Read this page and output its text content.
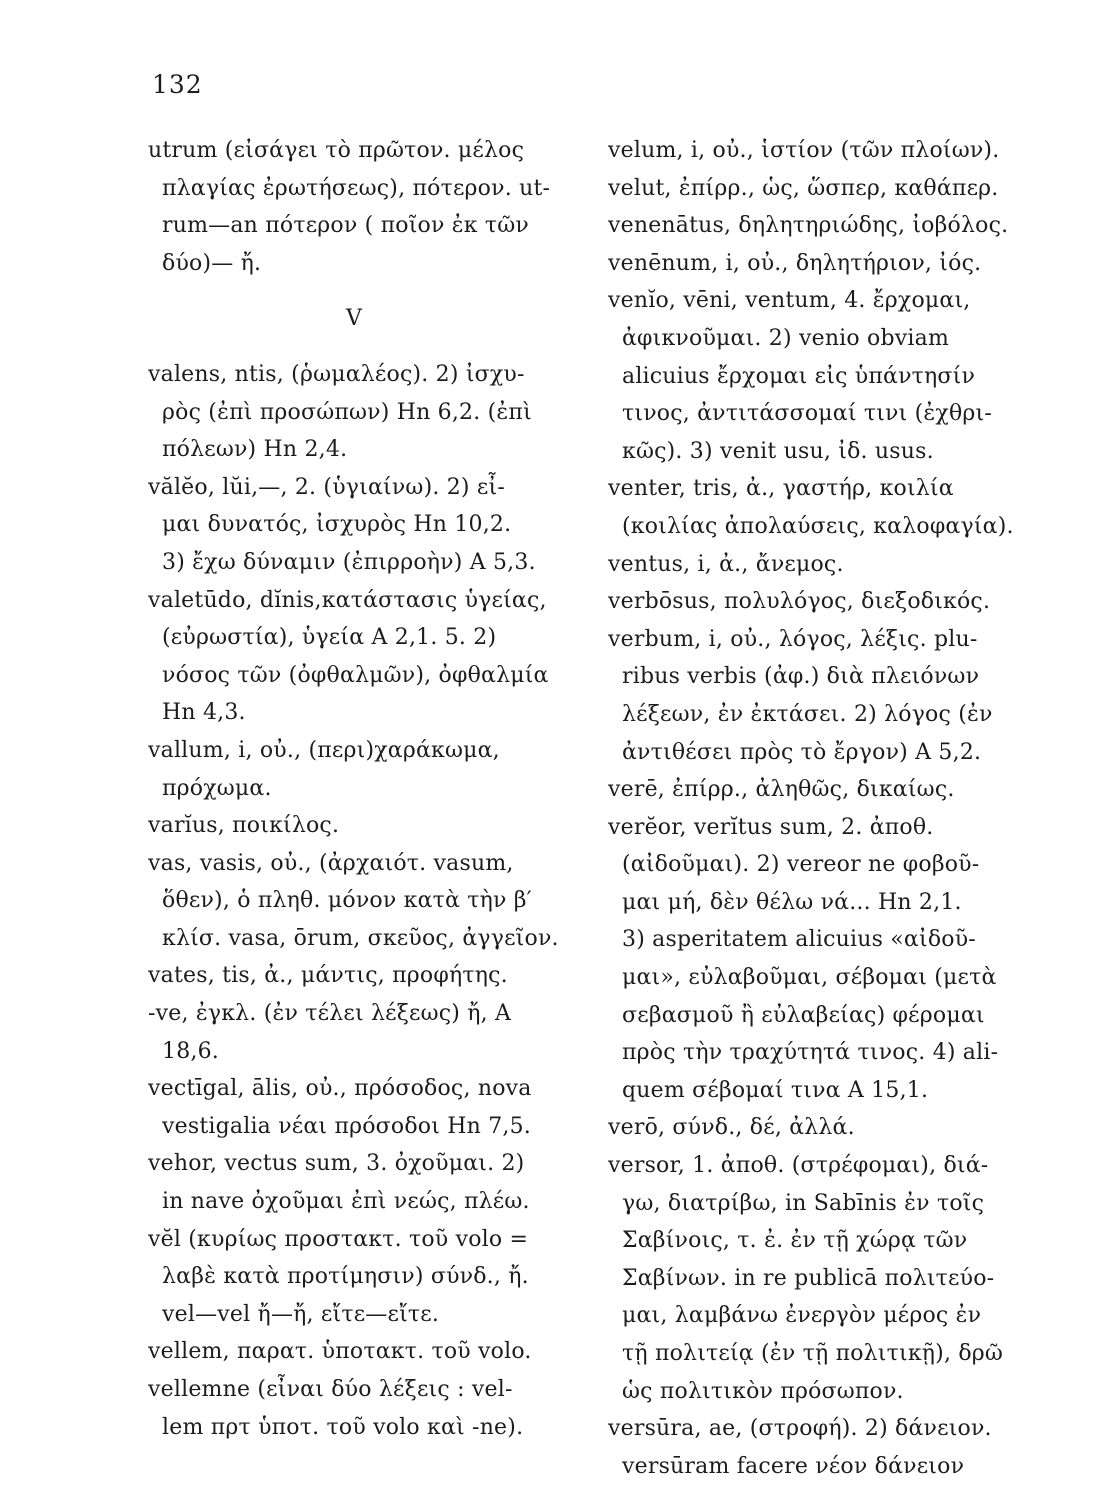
132
utrum (εἰσάγει τὸ πρῶτον. μέλος
πλαγίας ἐρωτήσεως), πότερον. ut-
rum—an πότερον ( ποῖον ἐκ τῶν
δύο)— ἤ.
V
valens, ntis, (ῥωμαλέος). 2) ἰσχυ-
ρὸς (ἐπὶ προσώπων) Ηn 6,2. (ἐπὶ
πόλεων) Ηn 2,4.
vălĕo, lŭi,—, 2. (ὑγιαίνω). 2) εἶ-
μαι δυνατός, ἰσχυρὸς Ηn 10,2.
3) ἔχω δύναμιν (ἐπιρροὴν) A 5,3.
valetūdo, dĭnis,κατάστασις ὑγείας,
(εὐρωστία), ὑγεία A 2,1. 5. 2)
νόσος τῶν (ὀφθαλμῶν), ὀφθαλμία
Ηn 4,3.
vallum, i, οὐ., (περι)χαράκωμα,
πρόχωμα.
varĭus, ποικίλος.
vas, vasis, οὐ., (ἀρχαιότ. vasum,
ὅθεν), ὁ πληθ. μόνον κατὰ τὴν β′
κλίσ. vasa, ōrum, σκεῦος, ἀγγεῖον.
vates, tis, ἀ., μάντις, προφήτης.
-ve, ἐγκλ. (ἐν τέλει λέξεως) ἤ, A
18,6.
vectīgal, ālis, οὐ., πρόσοδος, nova
vestigalia νέαι πρόσοδοι Ηn 7,5.
vehor, vectus sum, 3. ὀχοῦμαι. 2)
in nave ὀχοῦμαι ἐπὶ νεώς, πλέω.
vĕl (κυρίως προστακτ. τοῦ volo =
λαβὲ κατὰ προτίμησιν) σύνδ., ἤ.
vel—vel ἤ—ἤ, εἴτε—εἴτε.
vellem, παρατ. ὑποτακτ. τοῦ volo.
vellemne (εἶναι δύο λέξεις : vel-
lem πρτ ὑποτ. τοῦ volo καὶ -ne).
velum, i, οὐ., ἱστίον (τῶν πλοίων).
velut, ἐπίρρ., ὡς, ὥσπερ, καθάπερ.
venenātus, δηλητηριώδης, ἰοβόλος.
venēnum, i, οὐ., δηλητήριον, ἰός.
venĭo, vēni, ventum, 4. ἔρχομαι,
ἀφικνοῦμαι. 2) venio obviam
alicuius ἔρχομαι εἰς ὑπάντησίν
τινος, ἀντιτάσσομαί τινι (ἐχθρι-
κῶς). 3) venit usu, ἰδ. usus.
venter, tris, ἀ., γαστήρ, κοιλία
(κοιλίας ἀπολαύσεις, καλοφαγία).
ventus, i, ἀ., ἄνεμος.
verbōsus, πολυλόγος, διεξοδικός.
verbum, i, οὐ., λόγος, λέξις. plu-
ribus verbis (ἀφ.) διὰ πλειόνων
λέξεων, ἐν ἐκτάσει. 2) λόγος (ἐν
ἀντιθέσει πρὸς τὸ ἔργον) A 5,2.
verē, ἐπίρρ., ἀληθῶς, δικαίως.
verĕor, verĭtus sum, 2. ἀποθ.
(αἰδοῦμαι). 2) vereor ne φοβοῦ-
μαι μή, δὲν θέλω νά... Ηn 2,1.
3) asperitatem alicuius «αἰδοῦ-
μαι», εὐλαβοῦμαι, σέβομαι (μετὰ
σεβασμοῦ ἢ εὐλαβείας) φέρομαι
πρὸς τὴν τραχύτητά τινος. 4) ali-
quem σέβομαί τινα A 15,1.
verō, σύνδ., δέ, ἀλλά.
versor, 1. ἀποθ. (στρέφομαι), διά-
γω, διατρίβω, in Sabīnis ἐν τοῖς
Σαβίνοις, τ. ἐ. ἐν τῇ χώρᾳ τῶν
Σαβίνων. in re publicā πολιτεύο-
μαι, λαμβάνω ἐνεργὸν μέρος ἐν
τῇ πολιτείᾳ (ἐν τῇ πολιτικῇ), δρῶ
ὡς πολιτικὸν πρόσωπον.
versūra, ae, (στροφή). 2) δάνειον.
versūram facere νέον δάνειον
